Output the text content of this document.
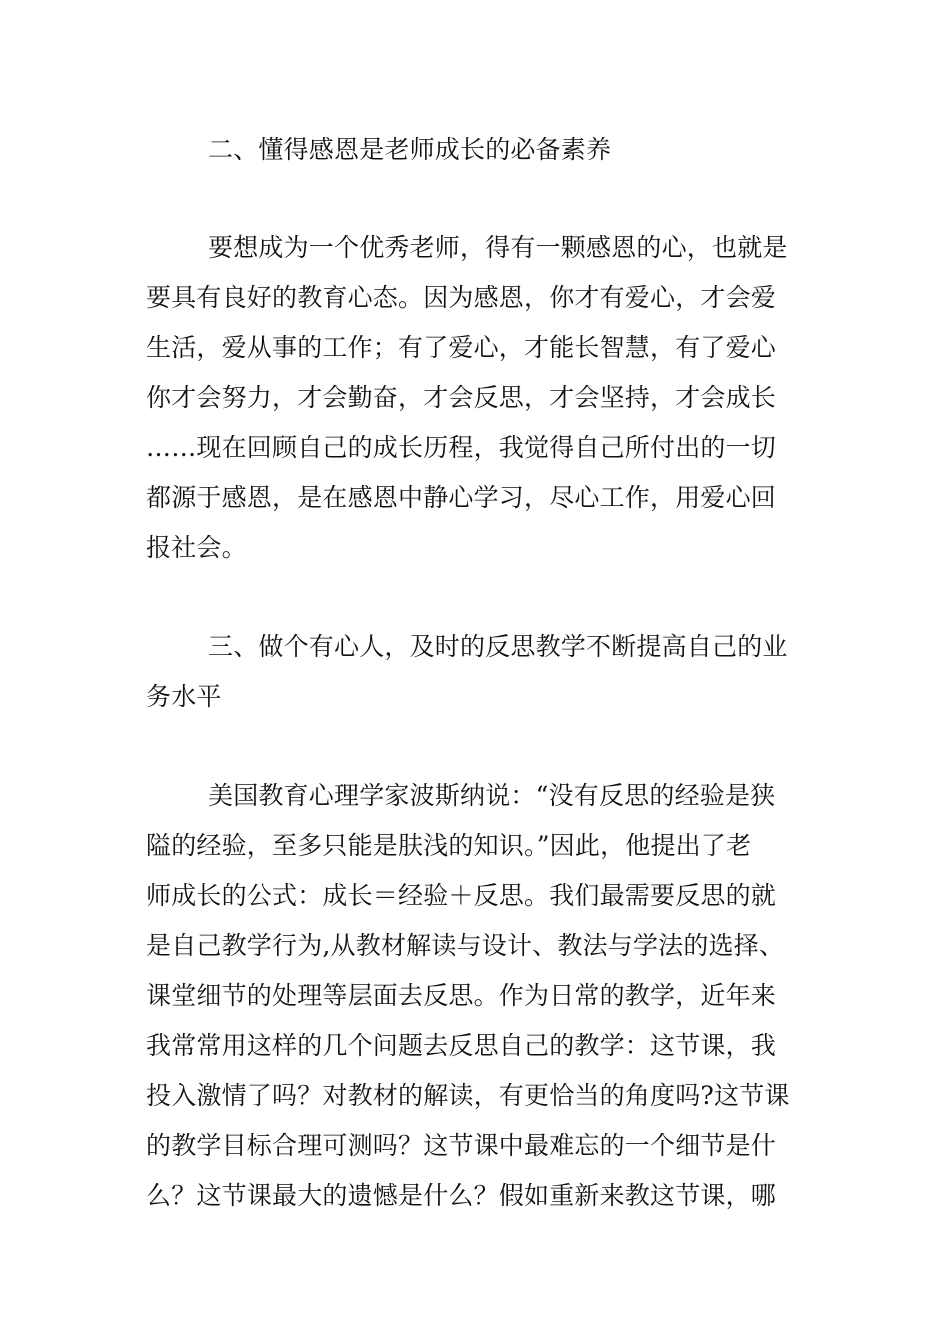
二、懂得感恩是老师成长的必备素养
要想成为一个优秀老师，得有一颗感恩的心，也就是
要具有良好的教育心态。因为感恩，你才有爱心，才会爱
生活，爱从事的工作；有了爱心，才能长智慧，有了爱心
你才会努力，才会勤奋，才会反思，才会坚持，才会成长
……现在回顾自己的成长历程，我觉得自己所付出的一切
都源于感恩，是在感恩中静心学习，尽心工作，用爱心回
报社会。
三、做个有心人，及时的反思教学不断提高自己的业
务水平
美国教育心理学家波斯纳说：“没有反思的经验是狭
隘的经验，至多只能是肤浅的知识。”因此，他提出了老
师成长的公式：成长＝经验＋反思。我们最需要反思的就
是自己教学行为,从教材解读与设计、教法与学法的选择、
课堂细节的处理等层面去反思。作为日常的教学，近年来
我常常用这样的几个问题去反思自己的教学：这节课，我
投入激情了吗？对教材的解读，有更恰当的角度吗?这节课
的教学目标合理可测吗？这节课中最难忘的一个细节是什
么？这节课最大的遗憾是什么？假如重新来教这节课，哪
